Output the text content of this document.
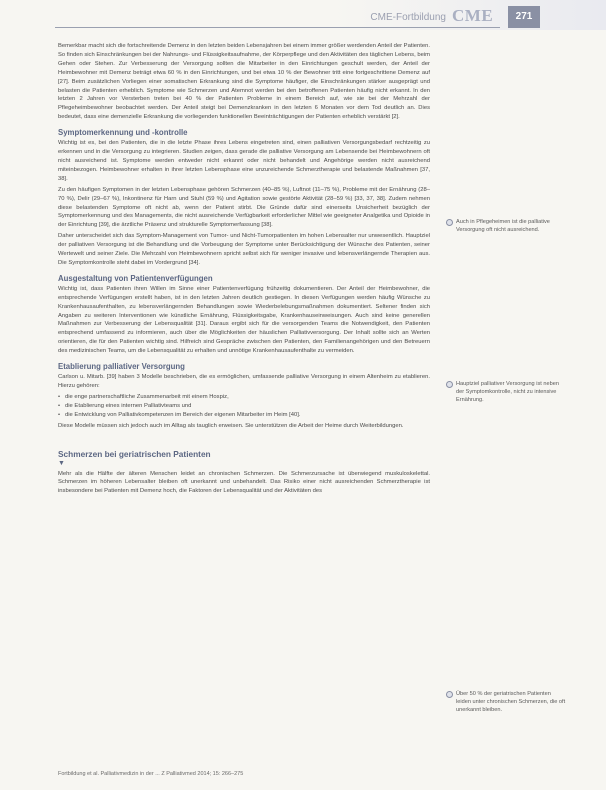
CME-Fortbildung CME	271

Bemerkbar macht sich die fortschreitende Demenz in den letzten beiden Lebensjahren bei einem immer größer werdenden Anteil der Patienten. So finden sich Einschränkungen bei der Nahrungs- und Flüssigkeitsaufnahme, der Körperpflege und den Aktivitäten des täglichen Lebens, beim Gehen oder Stehen. Zur Verbesserung der Versorgung sollten die Mitarbeiter in den Einrichtungen geschult werden, der Anteil der Heimbewohner mit Demenz beträgt etwa 60 % in den Einrichtungen, und bei etwa 10 % der Bewohner tritt eine fortgeschrittene Demenz auf [27]. Beim zusätzlichen Vorliegen einer somatischen Erkrankung sind die Symptome häufiger, die Einschränkungen stärker ausgeprägt und belasten die Patienten erheblich. Symptome wie Schmerzen und Atemnot werden bei den betroffenen Patienten häufig nicht erkannt. In den letzten 2 Jahren vor Versterben treten bei 40 % der Patienten Probleme in einem Bereich auf, wie sie bei der Mehrzahl der Pflegeheimbewohner beobachtet werden. Der Anteil steigt bei Demenzkranken in den letzten 6 Monaten vor dem Tod deutlich an. Dies bedeutet, dass eine demenzielle Erkrankung die vorliegenden funktionellen Beeinträchtigungen der Patienten erheblich verstärkt [2].

Symptomerkennung und -kontrolle

Wichtig ist es, bei den Patienten, die in die letzte Phase ihres Lebens eingetreten sind, einen palliativen Versorgungsbedarf rechtzeitig zu erkennen und in die Versorgung zu integrieren. Studien zeigen, dass gerade die palliative Versorgung am Lebensende bei Heimbewohnern oft nicht ausreichend ist. Symptome werden entweder nicht erkannt oder nicht behandelt und Angehörige werden nicht ausreichend miteinbezogen. Heimbewohner erhalten in ihrer letzten Lebensphase eine unzureichende Schmerztherapie und belastende Maßnahmen [37, 38].

Zu den häufigen Symptomen in der letzten Lebensphase gehören Schmerzen (40–85 %), Luftnot (11–75 %), Probleme mit der Ernährung (28–70 %), Delir (29–67 %), Inkontinenz für Harn und Stuhl (59 %) und Agitation sowie gestörte Aktivität (28–59 %) [33, 37, 38]. Zudem nehmen diese belastenden Symptome oft nicht ab, wenn der Patient stirbt. Die Gründe dafür sind einerseits Unsicherheit bezüglich der Symptomerkennung und des Managements, die nicht ausreichende Verfügbarkeit erforderlicher Mittel wie geeigneter Analgetika und Opioide in der Einrichtung [39], die ärztliche Präsenz und strukturelle Symptomerfassung [38].

Daher unterscheidet sich das Symptom-Management von Tumor- und Nicht-Tumorpatienten im hohen Lebensalter nur unwesentlich. Hauptziel der palliativen Versorgung ist die Behandlung und die Vorbeugung der Symptome unter Berücksichtigung der Wünsche des Patienten, seiner Wertewelt und seiner Ziele. Die Mehrzahl von Heimbewohnern spricht selbst sich für weniger invasive und lebensverlängernde Therapien aus. Die Symptomkontrolle steht dabei im Vordergrund [34].

Ausgestaltung von Patientenverfügungen

Wichtig ist, dass Patienten ihren Willen im Sinne einer Patientenverfügung frühzeitig dokumentieren. Der Anteil der Heimbewohner, die entsprechende Verfügungen erstellt haben, ist in den letzten Jahren deutlich gestiegen. In diesen Verfügungen werden häufig Wünsche zu Krankenhausaufenthalten, zu lebensverlängernden Behandlungen sowie Wiederbelebungsmaßnahmen dokumentiert. Seltener finden sich Angaben zu weiteren Interventionen wie künstliche Ernährung, Flüssigkeitsgabe, Krankenhauseinweisungen. Auch sind keine generellen Maßnahmen zur Verbesserung der Lebensqualität [31]. Daraus ergibt sich für die versorgenden Teams die Notwendigkeit, den Patienten entsprechend umfassend zu informieren, auch über die Möglichkeiten der häuslichen Palliativversorgung. Der Inhalt sollte sich an Werten orientieren, die für den Patienten wichtig sind. Hilfreich sind Gespräche zwischen den Patienten, den Familienangehörigen und den Betreuern des medizinischen Teams, um die Lebensqualität zu erhalten und unnötige Krankenhausaufenthalte zu vermeiden.

Etablierung palliativer Versorgung

Carlson u. Mitarb. [39] haben 3 Modelle beschrieben, die es ermöglichen, umfassende palliative Versorgung in einem Altenheim zu etablieren. Hierzu gehören:

• die enge partnerschaftliche Zusammenarbeit mit einem Hospiz,
• die Etablierung eines internen Palliativteams und
• die Entwicklung von Palliativkompetenzen im Bereich der eigenen Mitarbeiter im Heim [40].

Diese Modelle müssen sich jedoch auch im Alltag als tauglich erweisen. Sie unterstützen die Arbeit der Heime durch Weiterbildungen.

Schmerzen bei geriatrischen Patienten
▼

Mehr als die Hälfte der älteren Menschen leidet an chronischen Schmerzen. Die Schmerzursache ist überwiegend muskuloskelettal. Schmerzen im höheren Lebensalter bleiben oft unerkannt und unbehandelt. Das Risiko einer nicht ausreichenden Schmerztherapie ist insbesondere bei Patienten mit Demenz hoch, die Faktoren der Lebensqualität und der Aktivitäten des

Auch in Pflegeheimen ist die palliative Versorgung oft nicht ausreichend.
Hauptziel palliativer Versorgung ist neben der Symptomkontrolle, nicht zu intensive Ernährung.
Über 50 % der geriatrischen Patienten leiden unter chronischen Schmerzen, die oft unerkannt bleiben.
Fortbildung et al. Palliativmedizin in der ... Z Palliativmed 2014; 15: 266–275
